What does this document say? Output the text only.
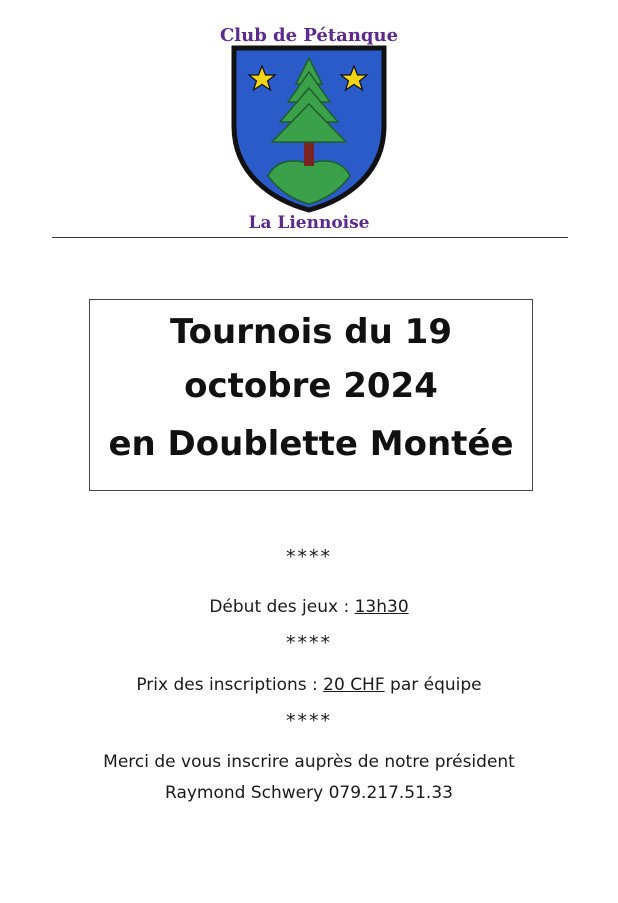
Club de Pétanque
La Liennoise

Tournois du 19

octobre 2024

en Doublette Montée

****

Début des jeux : 13h30

****

Prix des inscriptions : 20 CHF par équipe

****

Merci de vous inscrire auprès de notre président

Raymond Schwery 079.217.51.33
